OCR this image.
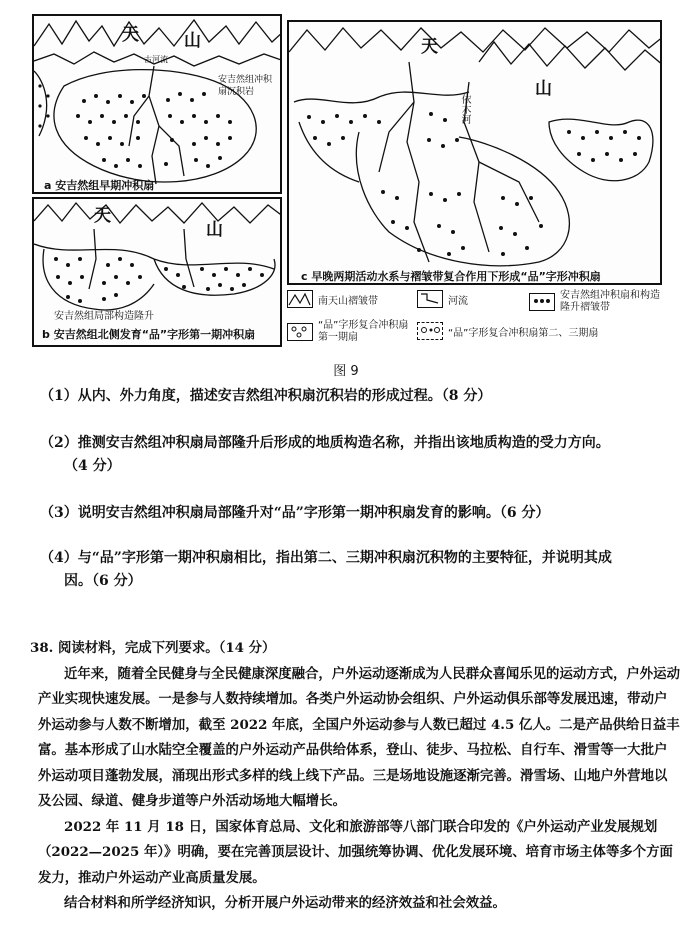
天	山
古河流
安吉然组冲积扇沉积岩
a 安吉然组早期冲积扇
天
山
安吉然组局部构造隆升
b 安吉然组北侧发育“品”字形第一期冲积扇
天
山
依木河
c 早晚两期活动水系与褶皱带复合作用下形成“品”字形冲积扇
南天山褶皱带	河流	安吉然组冲积扇和构造隆升褶皱带
“品”字形复合冲积扇第一期扇	“品”字形复合冲积扇第二、三期扇
图 9
（1）从内、外力角度，描述安吉然组冲积扇沉积岩的形成过程。（8 分）
（2）推测安吉然组冲积扇局部隆升后形成的地质构造名称，并指出该地质构造的受力方向。
（4 分）
（3）说明安吉然组冲积扇局部隆升对“品”字形第一期冲积扇发育的影响。（6 分）
（4）与“品”字形第一期冲积扇相比，指出第二、三期冲积扇沉积物的主要特征，并说明其成
因。（6 分）

38. 阅读材料，完成下列要求。（14 分）

近年来，随着全民健身与全民健康深度融合，户外运动逐渐成为人民群众喜闻乐见的运动方式，户外运动产业实现快速发展。一是参与人数持续增加。各类户外运动协会组织、户外运动俱乐部等发展迅速，带动户外运动参与人数不断增加，截至 2022 年底，全国户外运动参与人数已超过 4.5 亿人。二是产品供给日益丰富。基本形成了山水陆空全覆盖的户外运动产品供给体系，登山、徒步、马拉松、自行车、滑雪等一大批户外运动项目蓬勃发展，涌现出形式多样的线上线下产品。三是场地设施逐渐完善。滑雪场、山地户外营地以及公园、绿道、健身步道等户外活动场地大幅增长。

2022 年 11 月 18 日，国家体育总局、文化和旅游部等八部门联合印发的《户外运动产业发展规划（2022—2025 年）》明确，要在完善顶层设计、加强统筹协调、优化发展环境、培育市场主体等多个方面发力，推动户外运动产业高质量发展。

结合材料和所学经济知识，分析开展户外运动带来的经济效益和社会效益。
